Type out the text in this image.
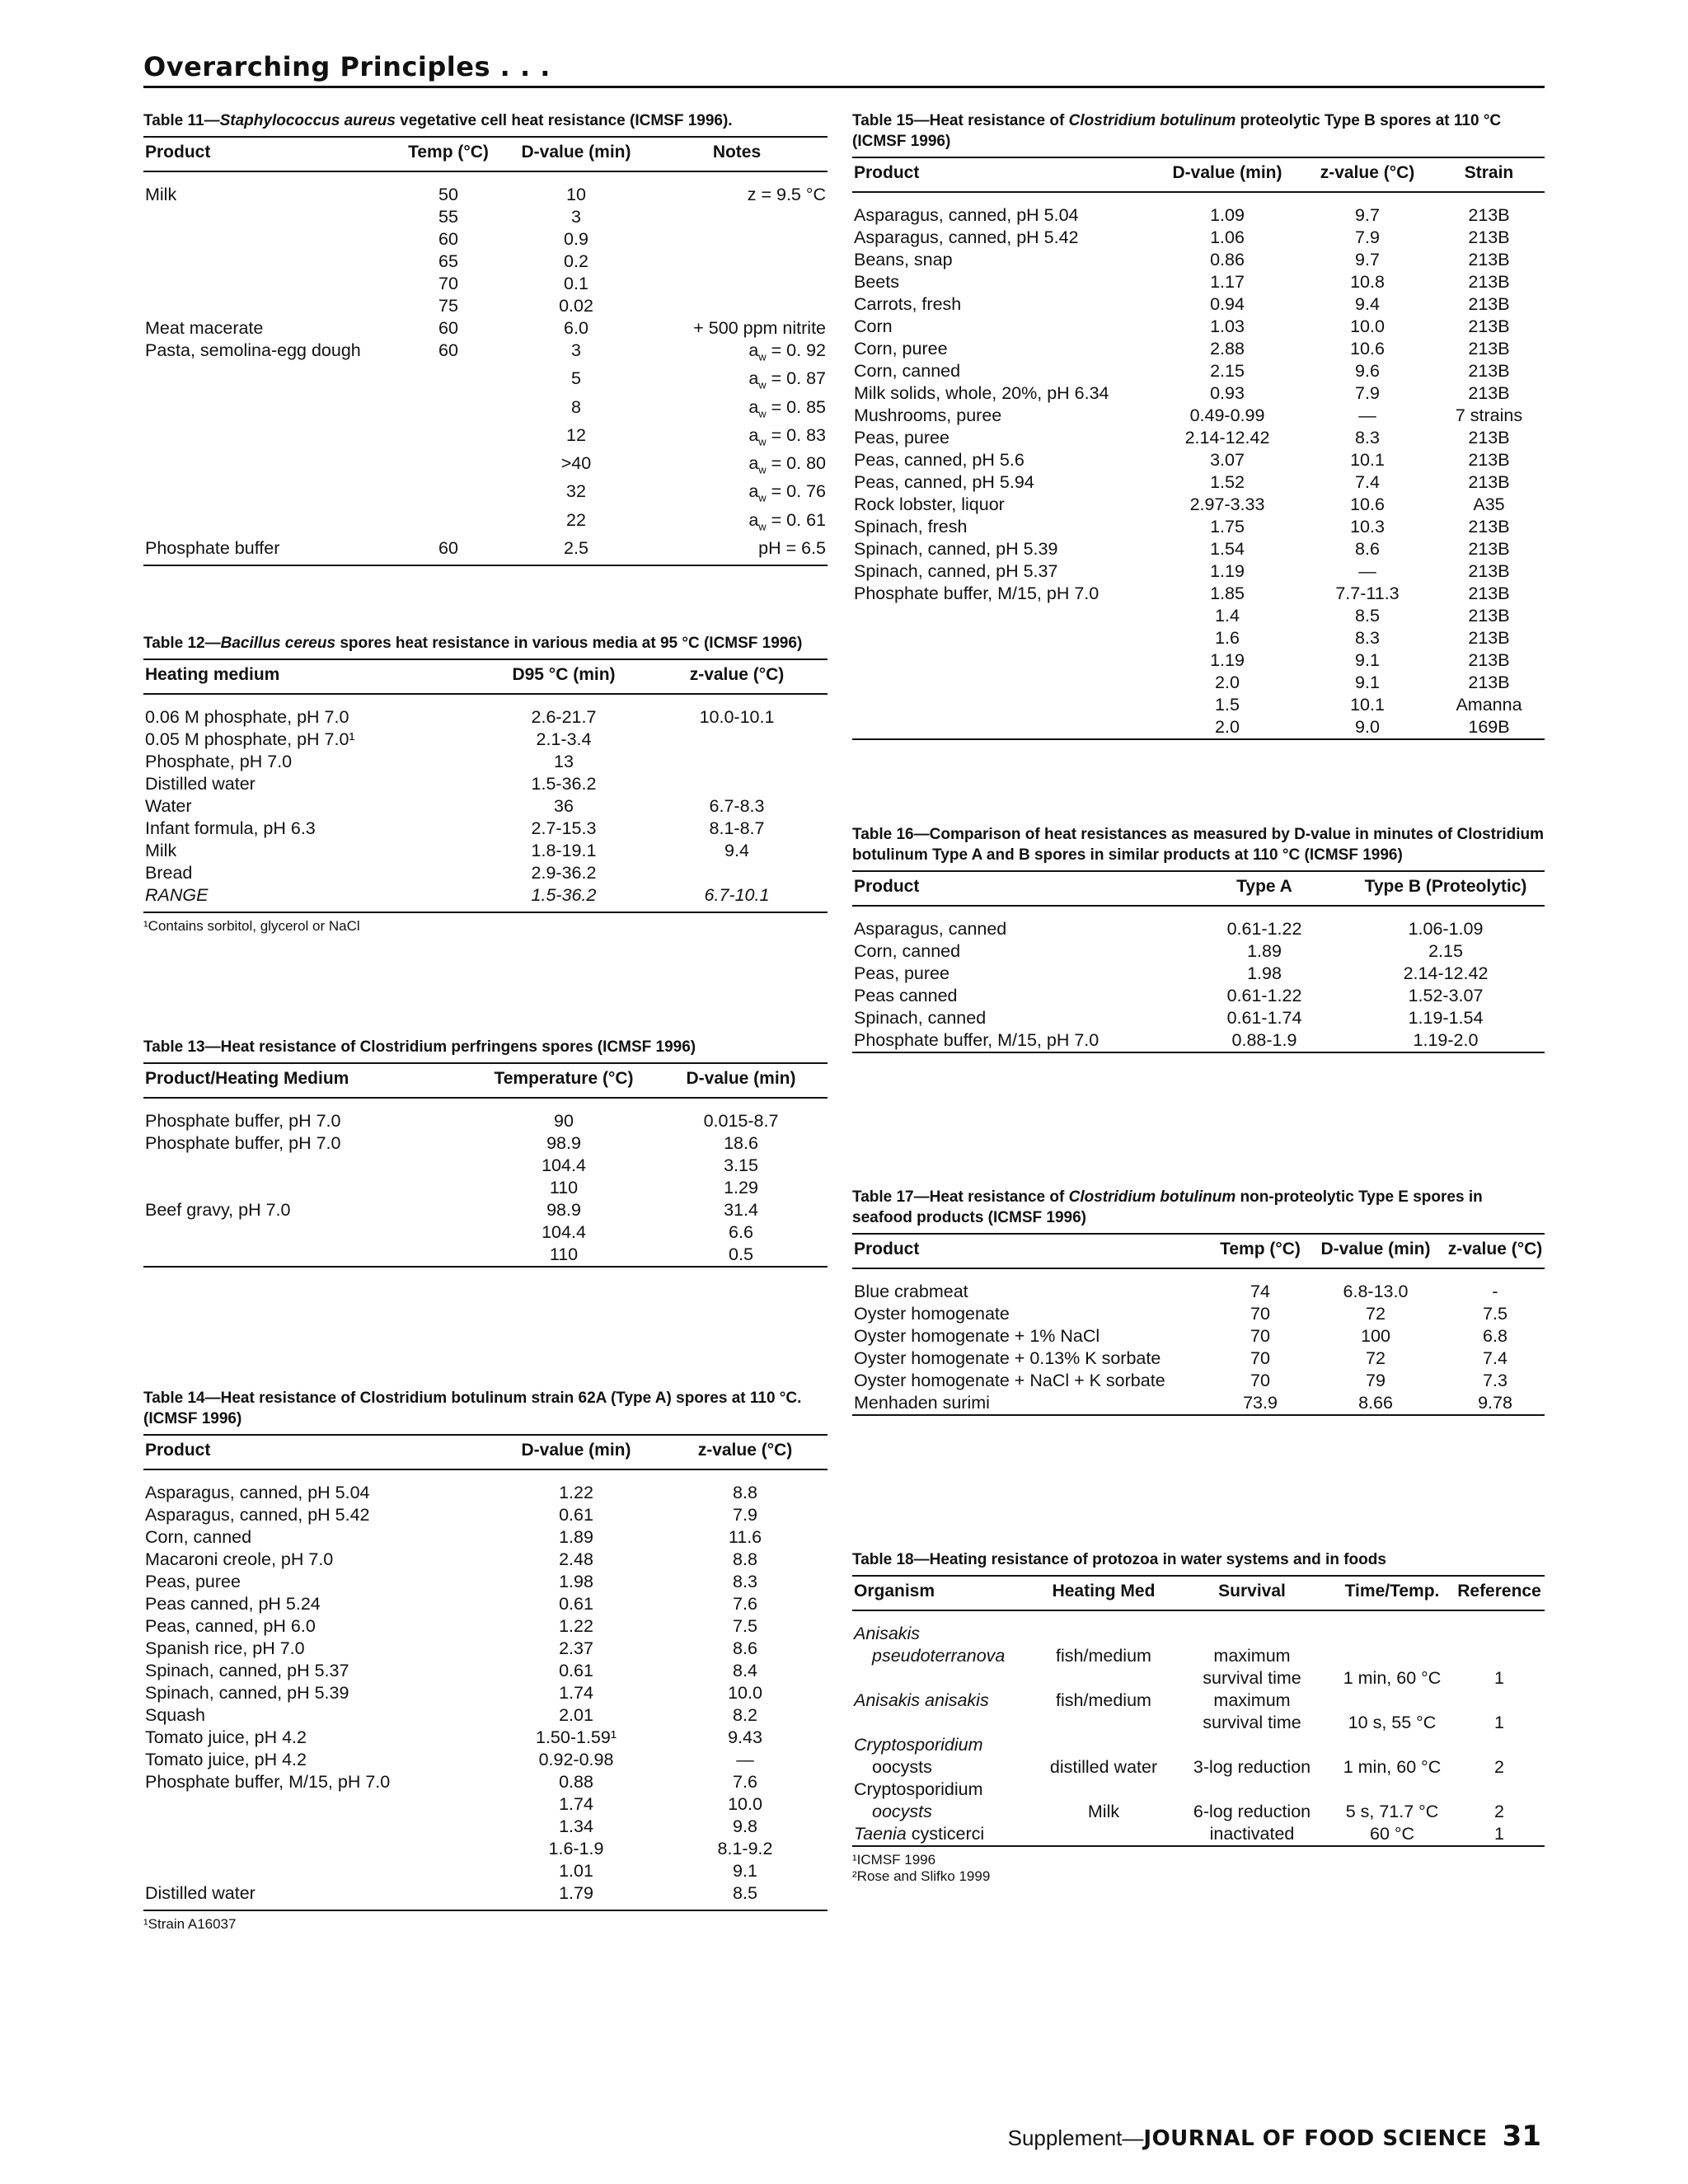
Overarching Principles . . .
Table 11—Staphylococcus aureus vegetative cell heat resistance (ICMSF 1996).
Product	Temp (°C)	D-value (min)	Notes
Milk	50	10	z = 9.5 °C
	55	3	
	60	0.9	
	65	0.2	
	70	0.1	
	75	0.02	
Meat macerate	60	6.0	+ 500 ppm nitrite
Pasta, semolina-egg dough	60	3	$a_w = 0$. 92
		5	$a_w = 0$. 87
		8	$a_w = 0$. 85
		12	$a_w = 0$. 83
		>40	$a_w = 0$. 80
		32	$a_w = 0$. 76
		22	$a_w = 0$. 61
Phosphate buffer	60	2.5	pH = 6.5
Table 12—Bacillus cereus spores heat resistance in various media at 95 °C (ICMSF 1996)
Heating medium	D95 °C (min)	z-value (°C)
0.06 M phosphate, pH 7.0	2.6-21.7	10.0-10.1
0.05 M phosphate, pH 7.0¹	2.1-3.4	
Phosphate, pH 7.0	13	
Distilled water	1.5-36.2	
Water	36	6.7-8.3
Infant formula, pH 6.3	2.7-15.3	8.1-8.7
Milk	1.8-19.1	9.4
Bread	2.9-36.2	
RANGE	1.5-36.2	6.7-10.1
¹Contains sorbitol, glycerol or NaCl
Table 13—Heat resistance of Clostridium perfringens spores (ICMSF 1996)
Product/Heating Medium	Temperature (°C)	D-value (min)
Phosphate buffer, pH 7.0	90	0.015-8.7
Phosphate buffer, pH 7.0	98.9	18.6
	104.4	3.15
	110	1.29
Beef gravy, pH 7.0	98.9	31.4
	104.4	6.6
	110	0.5
Table 14—Heat resistance of Clostridium botulinum strain 62A (Type A) spores at 110 °C. (ICMSF 1996)
Product	D-value (min)	z-value (°C)
Asparagus, canned, pH 5.04	1.22	8.8
Asparagus, canned, pH 5.42	0.61	7.9
Corn, canned	1.89	11.6
Macaroni creole, pH 7.0	2.48	8.8
Peas, puree	1.98	8.3
Peas canned, pH 5.24	0.61	7.6
Peas, canned, pH 6.0	1.22	7.5
Spanish rice, pH 7.0	2.37	8.6
Spinach, canned, pH 5.37	0.61	8.4
Spinach, canned, pH 5.39	1.74	10.0
Squash	2.01	8.2
Tomato juice, pH 4.2	1.50-1.59¹	9.43
Tomato juice, pH 4.2	0.92-0.98	—
Phosphate buffer, M/15, pH 7.0	0.88	7.6
	1.74	10.0
	1.34	9.8
	1.6-1.9	8.1-9.2
	1.01	9.1
Distilled water	1.79	8.5
¹Strain A16037
Table 15—Heat resistance of Clostridium botulinum proteolytic Type B spores at 110 °C (ICMSF 1996)
Product	D-value (min)	z-value (°C)	Strain
Asparagus, canned, pH 5.04	1.09	9.7	213B
Asparagus, canned, pH 5.42	1.06	7.9	213B
Beans, snap	0.86	9.7	213B
Beets	1.17	10.8	213B
Carrots, fresh	0.94	9.4	213B
Corn	1.03	10.0	213B
Corn, puree	2.88	10.6	213B
Corn, canned	2.15	9.6	213B
Milk solids, whole, 20%, pH 6.34	0.93	7.9	213B
Mushrooms, puree	0.49-0.99	—	7 strains
Peas, puree	2.14-12.42	8.3	213B
Peas, canned, pH 5.6	3.07	10.1	213B
Peas, canned, pH 5.94	1.52	7.4	213B
Rock lobster, liquor	2.97-3.33	10.6	A35
Spinach, fresh	1.75	10.3	213B
Spinach, canned, pH 5.39	1.54	8.6	213B
Spinach, canned, pH 5.37	1.19	—	213B
Phosphate buffer, M/15, pH 7.0	1.85	7.7-11.3	213B
	1.4	8.5	213B
	1.6	8.3	213B
	1.19	9.1	213B
	2.0	9.1	213B
	1.5	10.1	Amanna
	2.0	9.0	169B
Table 16—Comparison of heat resistances as measured by D-value in minutes of Clostridium botulinum Type A and B spores in similar products at 110 °C (ICMSF 1996)
Product	Type A	Type B (Proteolytic)
Asparagus, canned	0.61-1.22	1.06-1.09
Corn, canned	1.89	2.15
Peas, puree	1.98	2.14-12.42
Peas canned	0.61-1.22	1.52-3.07
Spinach, canned	0.61-1.74	1.19-1.54
Phosphate buffer, M/15, pH 7.0	0.88-1.9	1.19-2.0
Table 17—Heat resistance of Clostridium botulinum non-proteolytic Type E spores in seafood products (ICMSF 1996)
Product	Temp (°C)	D-value (min)	z-value (°C)
Blue crabmeat	74	6.8-13.0	-
Oyster homogenate	70	72	7.5
Oyster homogenate + 1% NaCl	70	100	6.8
Oyster homogenate + 0.13% K sorbate	70	72	7.4
Oyster homogenate + NaCl + K sorbate	70	79	7.3
Menhaden surimi	73.9	8.66	9.78
Table 18—Heating resistance of protozoa in water systems and in foods
Organism	Heating Med	Survival	Time/Temp.	Reference
Anisakis				
pseudoterranova	fish/medium	maximum		
		survival time	1 min, 60 °C	1
Anisakis anisakis	fish/medium	maximum		
		survival time	10 s, 55 °C	1
Cryptosporidium				
oocysts	distilled water	3-log reduction	1 min, 60 °C	2
Cryptosporidium				
oocysts	Milk	6-log reduction	5 s, 71.7 °C	2
Taenia cysticerci		inactivated	60 °C	1
¹ICMSF 1996
²Rose and Slifko 1999
Supplement—JOURNAL OF FOOD SCIENCE 31
